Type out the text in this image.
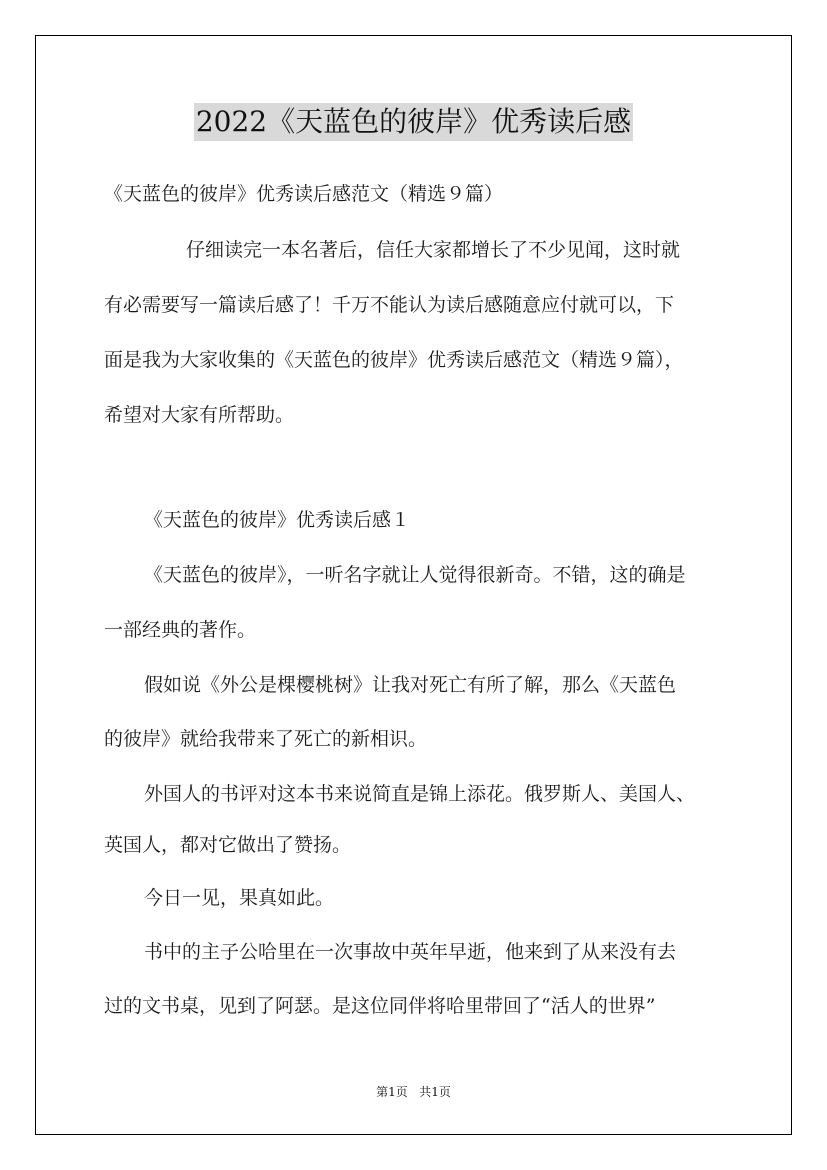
2022《天蓝色的彼岸》优秀读后感
《天蓝色的彼岸》优秀读后感范文（精选９篇）
仔细读完一本名著后，信任大家都增长了不少见闻，这时就
有必需要写一篇读后感了！千万不能认为读后感随意应付就可以，下
面是我为大家收集的《天蓝色的彼岸》优秀读后感范文（精选９篇），
希望对大家有所帮助。
《天蓝色的彼岸》优秀读后感１
《天蓝色的彼岸》，一听名字就让人觉得很新奇。不错，这的确是
一部经典的著作。
假如说《外公是棵樱桃树》让我对死亡有所了解，那么《天蓝色
的彼岸》就给我带来了死亡的新相识。
外国人的书评对这本书来说简直是锦上添花。俄罗斯人、美国人、
英国人，都对它做出了赞扬。
今日一见，果真如此。
书中的主子公哈里在一次事故中英年早逝，他来到了从来没有去
过的文书桌，见到了阿瑟。是这位同伴将哈里带回了“活人的世界”
第1页 共1页
